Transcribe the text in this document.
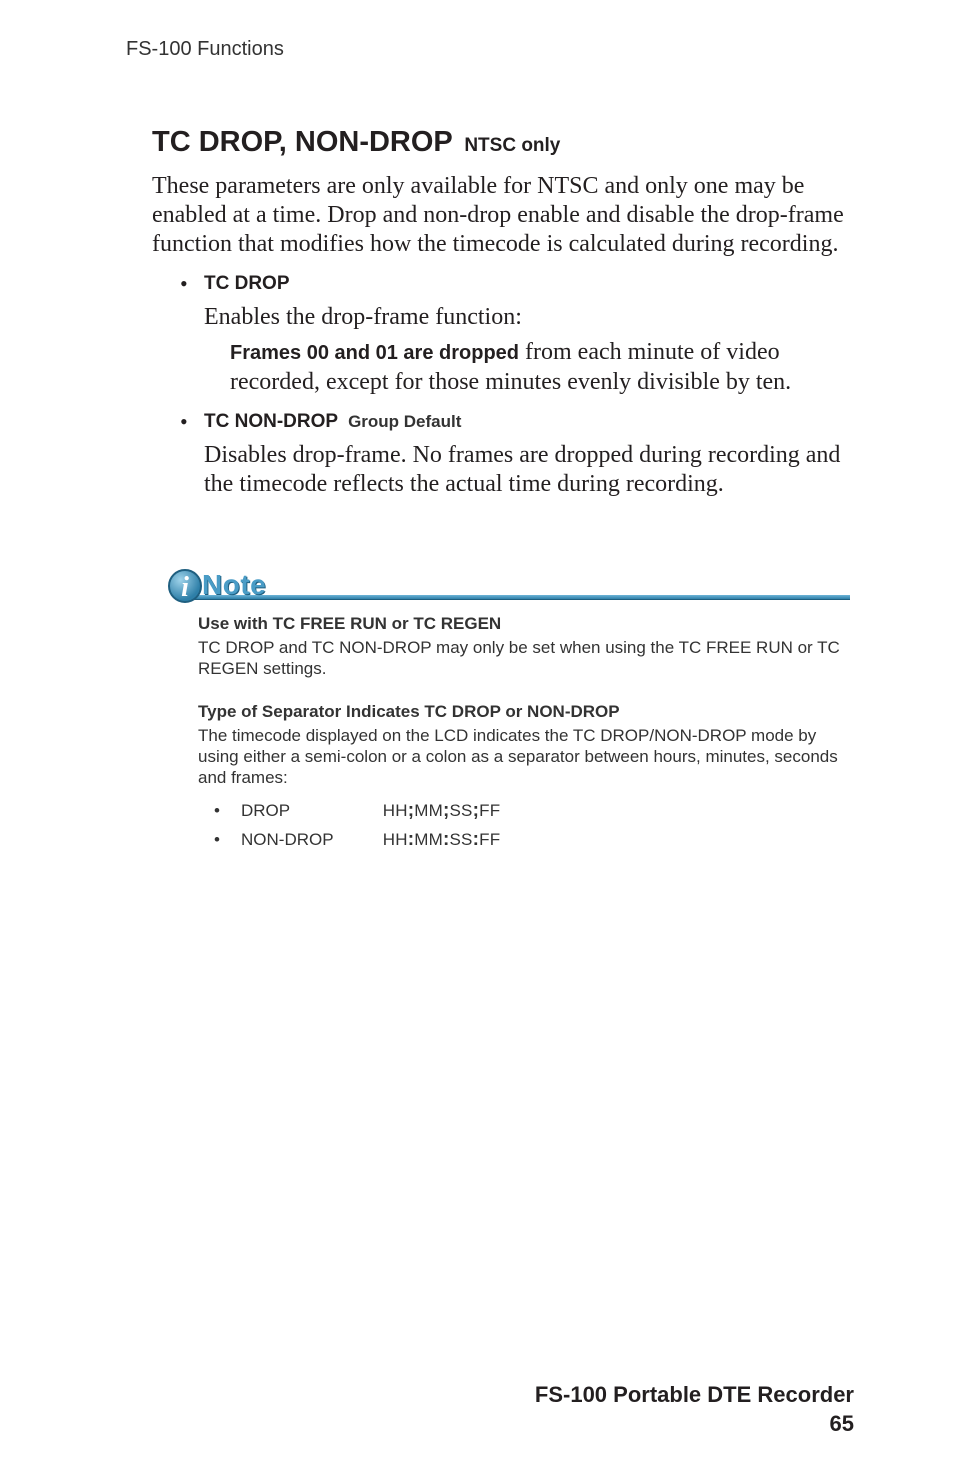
FS-100 Functions
TC DROP, NON-DROP NTSC only

These parameters are only available for NTSC and only one may be enabled at a time. Drop and non-drop enable and disable the drop-frame function that modifies how the timecode is calculated during recording.

• TC DROP

Enables the drop-frame function:

Frames 00 and 01 are dropped from each minute of video recorded, except for those minutes evenly divisible by ten.
• TC NON-DROP Group Default

Disables drop-frame. No frames are dropped during recording and the timecode reflects the actual time during recording.

i Note
Use with TC FREE RUN or TC REGEN

TC DROP and TC NON-DROP may only be set when using the TC FREE RUN or TC REGEN settings.

Type of Separator Indicates TC DROP or NON-DROP

The timecode displayed on the LCD indicates the TC DROP/NON-DROP mode by using either a semi-colon or a colon as a separator between hours, minutes, seconds and frames:

• DROP	HH;MM;SS;FF
• NON-DROP	HH:MM:SS:FF
FS-100 Portable DTE Recorder
65
